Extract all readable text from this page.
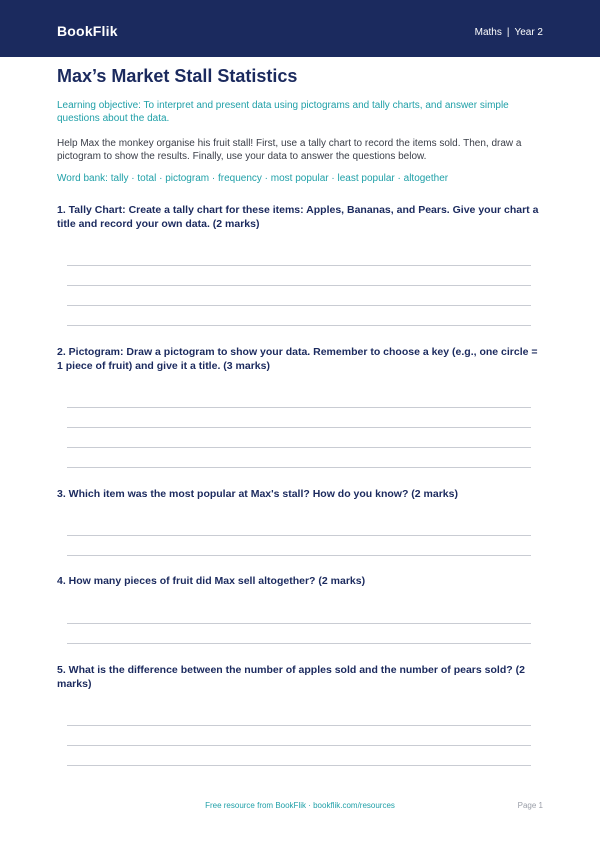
BookFlik	Maths | Year 2
Max’s Market Stall Statistics
Learning objective: To interpret and present data using pictograms and tally charts, and answer simple questions about the data.
Help Max the monkey organise his fruit stall! First, use a tally chart to record the items sold. Then, draw a pictogram to show the results. Finally, use your data to answer the questions below.
Word bank: tally · total · pictogram · frequency · most popular · least popular · altogether
1. Tally Chart: Create a tally chart for these items: Apples, Bananas, and Pears. Give your chart a title and record your own data. (2 marks)
2. Pictogram: Draw a pictogram to show your data. Remember to choose a key (e.g., one circle = 1 piece of fruit) and give it a title. (3 marks)
3. Which item was the most popular at Max's stall? How do you know? (2 marks)
4. How many pieces of fruit did Max sell altogether? (2 marks)
5. What is the difference between the number of apples sold and the number of pears sold? (2 marks)
Free resource from BookFlik · bookflik.com/resources	Page 1
